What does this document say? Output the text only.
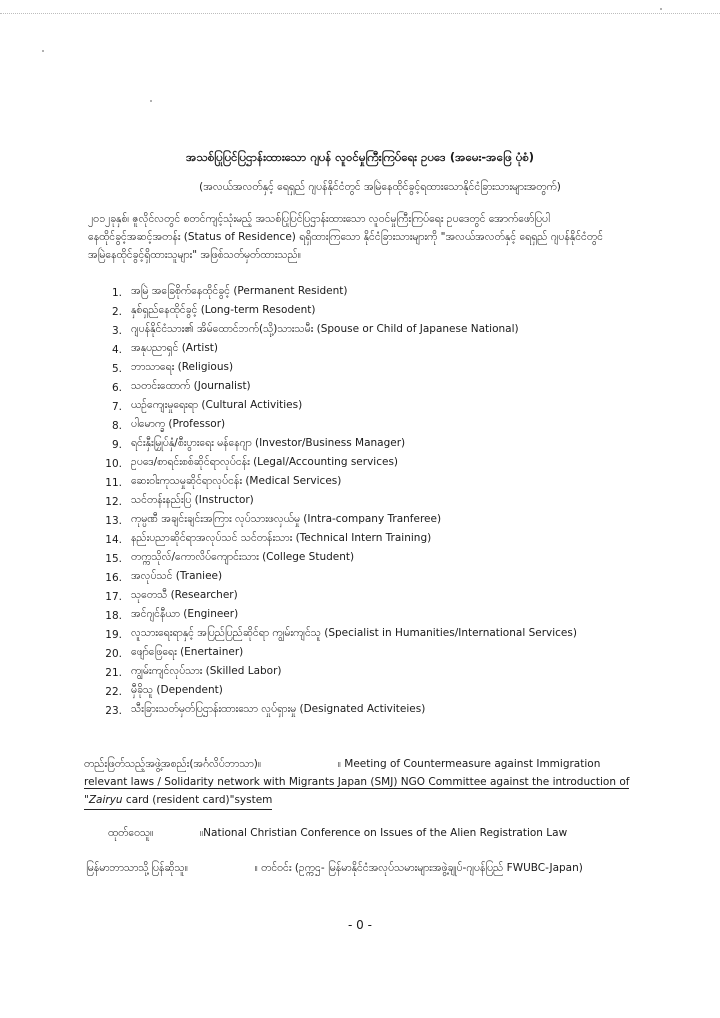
အသစ်ပြုပြင်ပြဌာန်းထားသော ဂျပန် လူဝင်မှုကြီးကြပ်ရေး ဥပဒေ (အမေး-အဖြေ ပုံစံ)
(အလယ်အလတ်နှင့် ရေရှည် ဂျပန်နိုင်ငံတွင် အမြဲနေထိုင်ခွင့်ရထားသောနိုင်ငံခြားသားများအတွက်)
၂၀၁၂ခုနှစ်၊ ဇူလိုင်လတွင် စတင်ကျင့်သုံးမည့် အသစ်ပြုပြင်ပြဌာန်းထားသော လူဝင်မှုကြီးကြပ်ရေး ဥပဒေတွင် အောက်ဖော်ပြပါ
နေထိုင်ခွင့်အဆင့်အတန်း (Status of Residence) ရရှိထားကြသော နိုင်ငံခြားသားများကို "အလယ်အလတ်နှင့် ရေရှည် ဂျပန်နိုင်ငံတွင်
အမြဲနေထိုင်ခွင့်ရှိထားသူများ" အဖြစ်သတ်မှတ်ထားသည်။
1. အမြဲ အခြေစိုက်နေထိုင်ခွင့် (Permanent Resident)
2. နှစ်ရှည်နေထိုင်ခွင့် (Long-term Resodent)
3. ဂျပန်နိုင်ငံသား၏ အိမ်ထောင်ဘက်(သို့)သားသမီး (Spouse or Child of Japanese National)
4. အနုပညာရှင် (Artist)
5. ဘာသာရေး (Religious)
6. သတင်းထောက် (Journalist)
7. ယဉ်ကျေးမှုရေးရာ (Cultural Activities)
8. ပါမောက္ခ (Professor)
9. ရင်းနှီးမြှုပ်နှံ/စီးပွားရေး မန်နေဂျာ (Investor/Business Manager)
10. ဥပဒေ/စာရင်းစစ်ဆိုင်ရာလုပ်ငန်း (Legal/Accounting services)
11. ဆေးဝါးကုသမှုဆိုင်ရာလုပ်ငန်း (Medical Services)
12. သင်တန်းနည်းပြ (Instructor)
13. ကုမ္ပဏီ အချင်းချင်းအကြား လုပ်သားဖလှယ်မှု (Intra-company Tranferee)
14. နည်းပညာဆိုင်ရာအလုပ်သင် သင်တန်းသား (Technical Intern Training)
15. တက္ကသိုလ်/ကောလိပ်ကျောင်းသား (College Student)
16. အလုပ်သင် (Traniee)
17. သုတေသီ (Researcher)
18. အင်ဂျင်နီယာ (Engineer)
19. လူသားရေးရာနှင့် အပြည်ပြည်ဆိုင်ရာ ကျွမ်းကျင်သူ (Specialist in Humanities/International Services)
20. ဖျော်ဖြေရေး (Enertainer)
21. ကျွမ်းကျင်လုပ်သား (Skilled Labor)
22. မှီခိုသူ (Dependent)
23. သီးခြားသတ်မှတ်ပြဌာန်းထားသော လှုပ်ရှားမှု (Designated Activiteies)
တည်းဖြတ်သည့်အဖွဲ့အစည်း(အင်္ဂလိပ်ဘာသာ)။	။ Meeting of Countermeasure against Immigration
relevant laws / Solidarity network with Migrants Japan (SMJ) NGO Committee against the introduction of
"Zairyu card (resident card)"system
ထုတ်ဝေသူ။	။National Christian Conference on Issues of the Alien Registration Law
မြန်မာဘာသာသို့ပြန်ဆိုသူ။	။ တင်ဝင်း (ဥက္ကဌ- မြန်မာနိုင်ငံအလုပ်သမားများအဖွဲ့ချုပ်-ဂျပန်ပြည် FWUBC-Japan)
- 0 -
